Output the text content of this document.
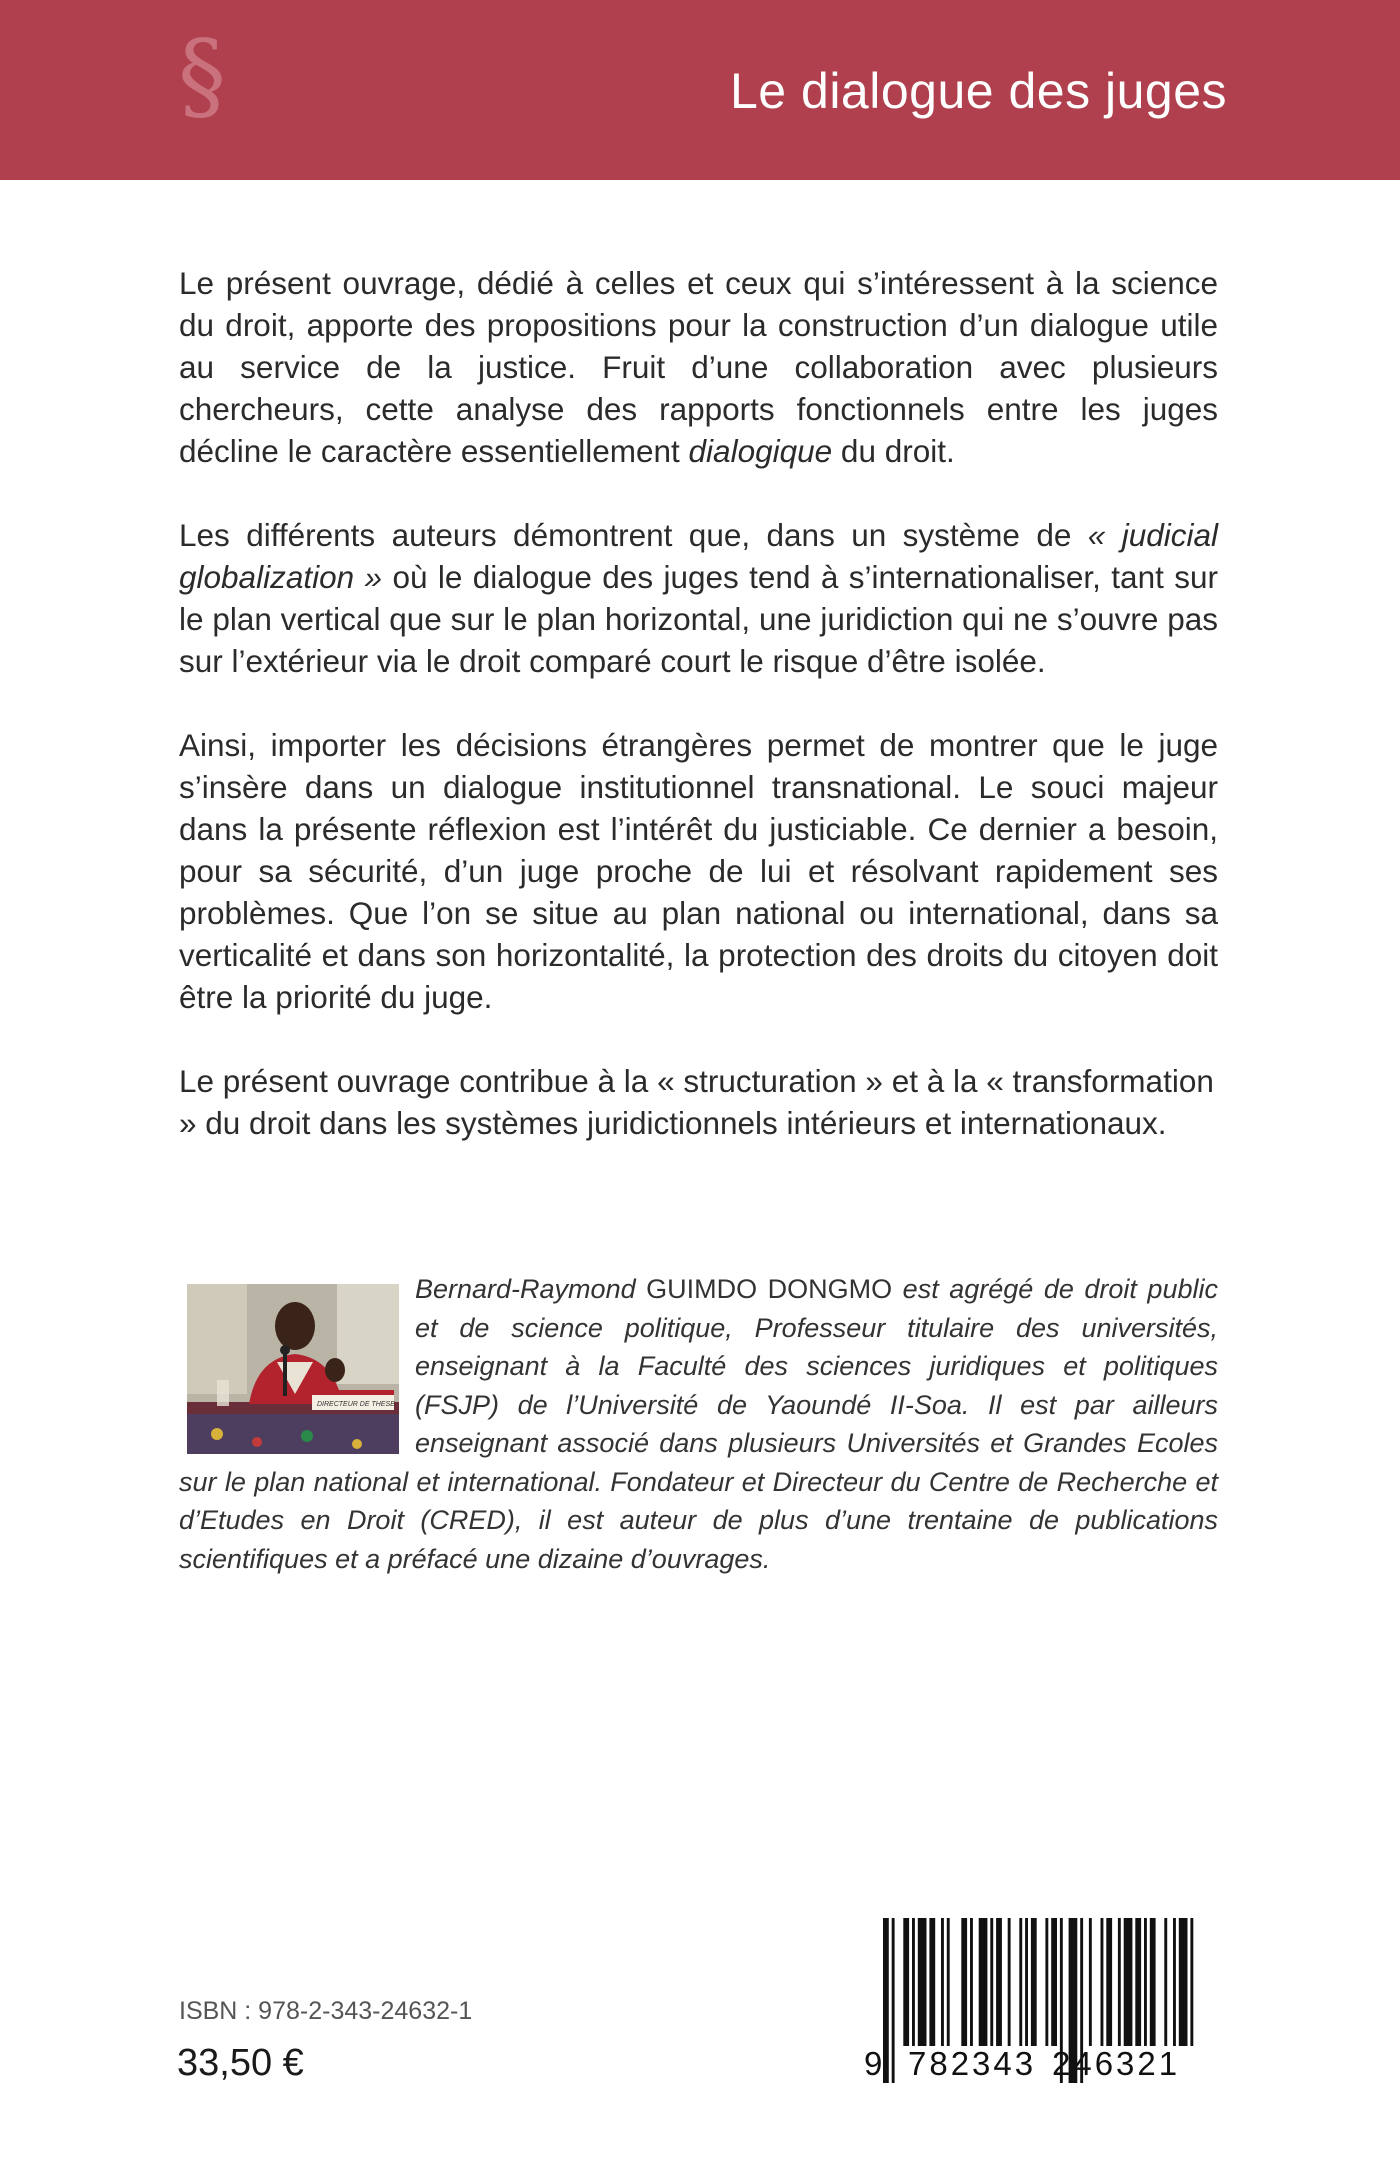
§	Le dialogue des juges

Le présent ouvrage, dédié à celles et ceux qui s’intéressent à la science du droit, apporte des propositions pour la construction d’un dialogue utile au service de la justice. Fruit d’une collaboration avec plusieurs chercheurs, cette analyse des rapports fonctionnels entre les juges décline le caractère essentiellement dialogique du droit.

Les différents auteurs démontrent que, dans un système de « judicial globalization » où le dialogue des juges tend à s’internationaliser, tant sur le plan vertical que sur le plan horizontal, une juridiction qui ne s’ouvre pas sur l’extérieur via le droit comparé court le risque d’être isolée.

Ainsi, importer les décisions étrangères permet de montrer que le juge s’insère dans un dialogue institutionnel transnational. Le souci majeur dans la présente réflexion est l’intérêt du justiciable. Ce dernier a besoin, pour sa sécurité, d’un juge proche de lui et résolvant rapidement ses problèmes. Que l’on se situe au plan national ou international, dans sa verticalité et dans son horizontalité, la protection des droits du citoyen doit être la priorité du juge.

Le présent ouvrage contribue à la « structuration » et à la « transformation » du droit dans les systèmes juridictionnels intérieurs et internationaux.

DIRECTEUR DE THESE
Bernard-Raymond GUIMDO DONGMO est agrégé de droit public et de science politique, Professeur titulaire des universités, enseignant à la Faculté des sciences juridiques et politiques (FSJP) de l’Université de Yaoundé II-Soa. Il est par ailleurs enseignant associé dans plusieurs Universités et Grandes Ecoles sur le plan national et international. Fondateur et Directeur du Centre de Recherche et d’Etudes en Droit (CRED), il est auteur de plus d’une trentaine de publications scientifiques et a préfacé une dizaine d’ouvrages.
ISBN : 978-2-343-24632-1
33,50 €	9 782343 246321
